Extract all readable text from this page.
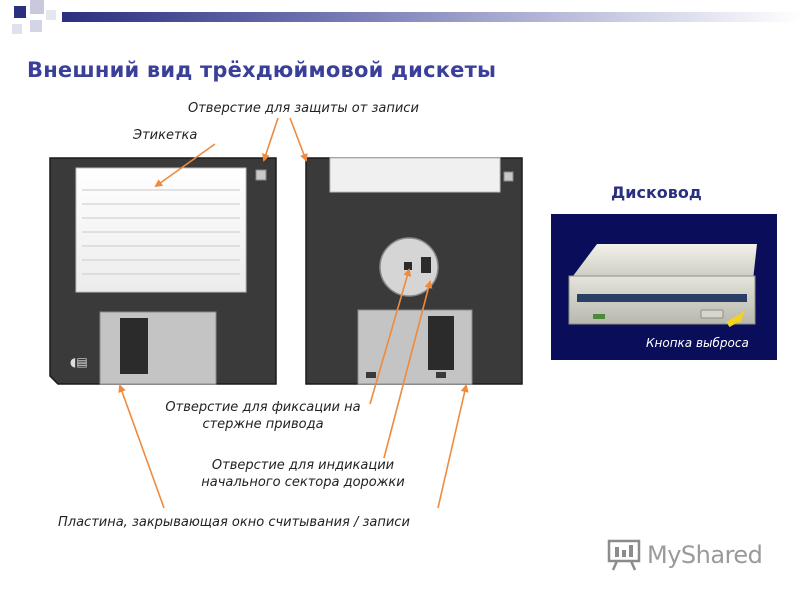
Внешний вид трёхдюймовой дискеты
◖▤
Отверстие для защиты от записи
Этикетка
Отверстие для фиксации на
стержне привода
Отверстие для индикации
начального сектора дорожки
Пластина, закрывающая окно считывания / записи
Дисковод
Кнопка выброса
MyShared
